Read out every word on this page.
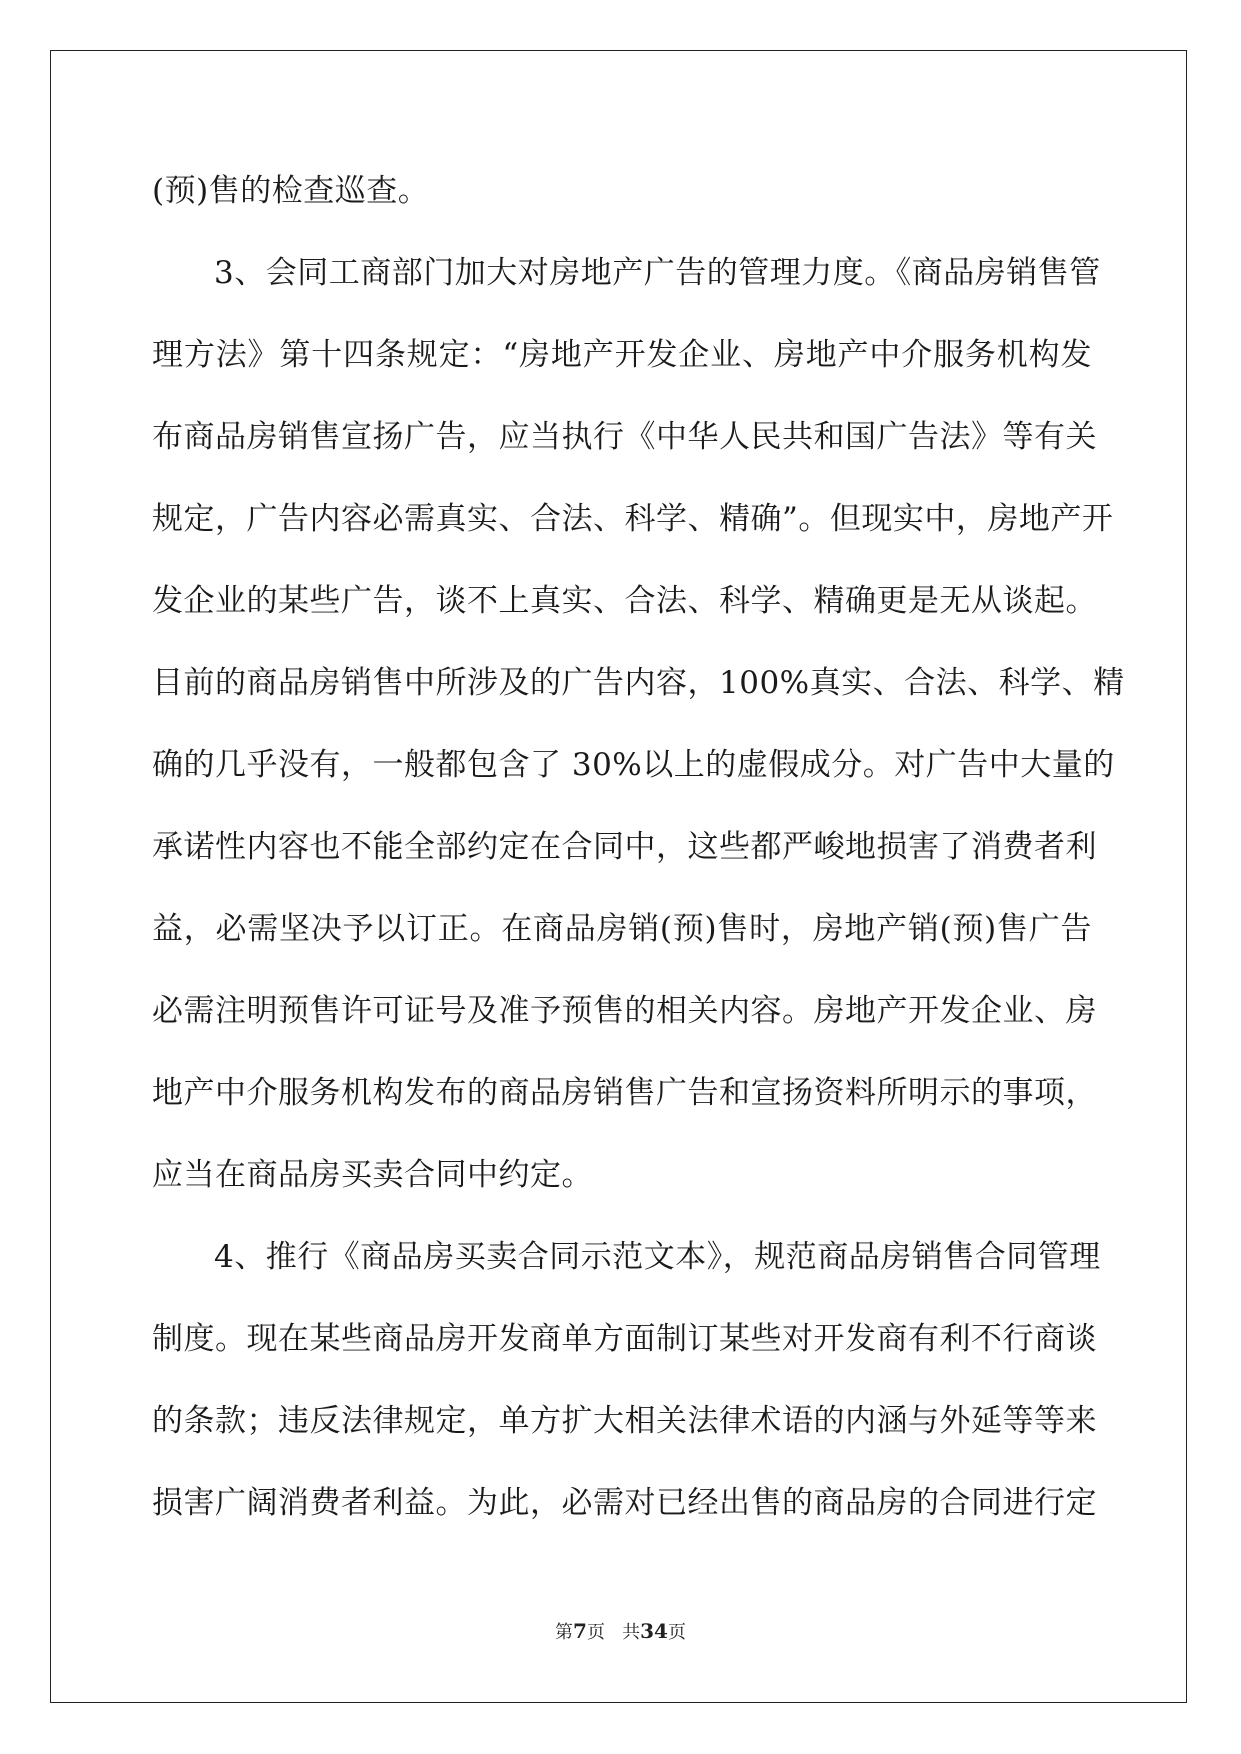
(预)售的检查巡查。
3、会同工商部门加大对房地产广告的管理力度。《商品房销售管
理方法》第十四条规定：“房地产开发企业、房地产中介服务机构发
布商品房销售宣扬广告，应当执行《中华人民共和国广告法》等有关
规定，广告内容必需真实、合法、科学、精确”。但现实中，房地产开
发企业的某些广告，谈不上真实、合法、科学、精确更是无从谈起。
目前的商品房销售中所涉及的广告内容，100%真实、合法、科学、精
确的几乎没有，一般都包含了 30%以上的虚假成分。对广告中大量的
承诺性内容也不能全部约定在合同中，这些都严峻地损害了消费者利
益，必需坚决予以订正。在商品房销(预)售时，房地产销(预)售广告
必需注明预售许可证号及准予预售的相关内容。房地产开发企业、房
地产中介服务机构发布的商品房销售广告和宣扬资料所明示的事项，
应当在商品房买卖合同中约定。
4、推行《商品房买卖合同示范文本》，规范商品房销售合同管理
制度。现在某些商品房开发商单方面制订某些对开发商有利不行商谈
的条款；违反法律规定，单方扩大相关法律术语的内涵与外延等等来
损害广阔消费者利益。为此，必需对已经出售的商品房的合同进行定
第7页 共34页
